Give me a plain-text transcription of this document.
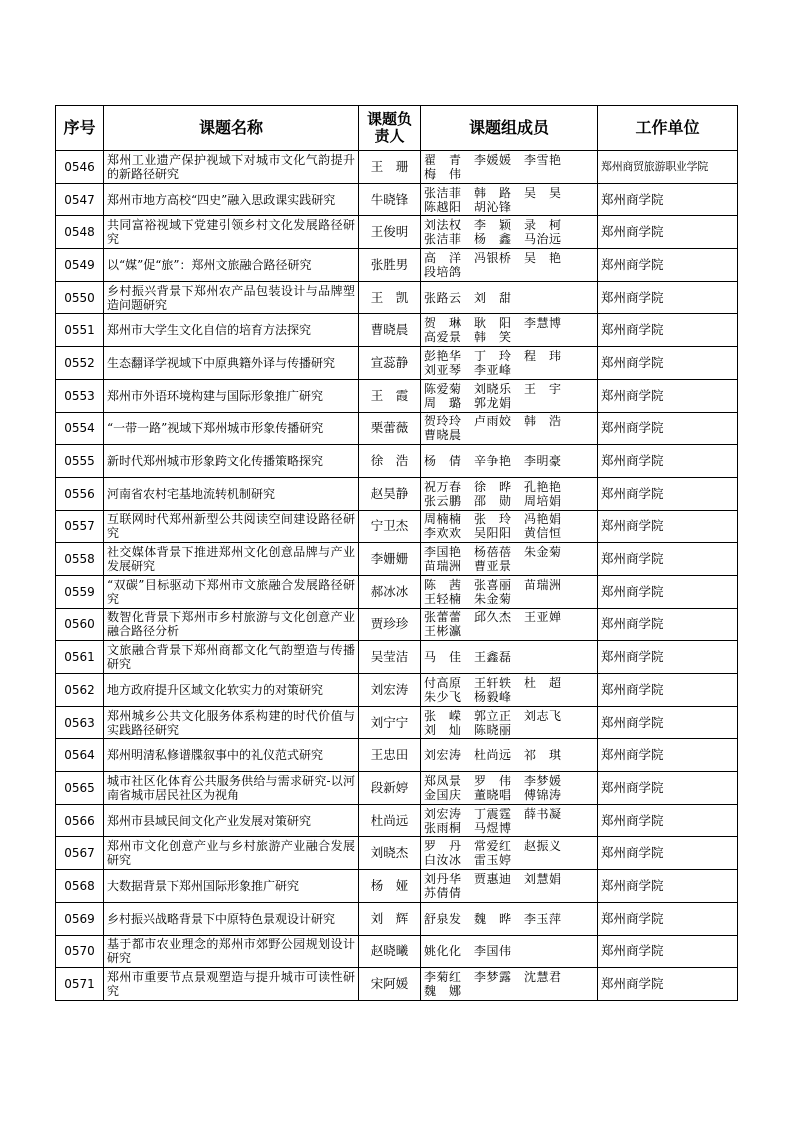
序号	课题名称	课题负责人	课题组成员	工作单位
0546	郑州工业遗产保护视域下对城市文化气韵提升的新路径研究	王　珊	翟　青　李媛媛　李雪艳
梅　伟	郑州商贸旅游职业学院
0547	郑州市地方高校“四史”融入思政课实践研究	牛晓锋	张洁菲　韩　路　吴　昊
陈越阳　胡沁锋	郑州商学院
0548	共同富裕视域下党建引领乡村文化发展路径研究	王俊明	刘法权　李　颖　录　柯
张洁菲　杨　鑫　马治远	郑州商学院
0549	以“媒”促“旅”：郑州文旅融合路径研究	张胜男	高　洋　冯银桥　吴　艳
段培鸽	郑州商学院
0550	乡村振兴背景下郑州农产品包装设计与品牌塑造问题研究	王　凯	张路云　刘　甜	郑州商学院
0551	郑州市大学生文化自信的培育方法探究	曹晓晨	贺　琳　耿　阳　李慧博
高爱景　韩　笑	郑州商学院
0552	生态翻译学视域下中原典籍外译与传播研究	宣蕊静	彭艳华　丁　玲　程　玮
刘亚琴　李亚峰	郑州商学院
0553	郑州市外语环境构建与国际形象推广研究	王　霞	陈爱菊　刘晓乐　王　宇
周　璐　郭龙娟	郑州商学院
0554	“一带一路”视域下郑州城市形象传播研究	栗蕾薇	贺玲玲　卢雨姣　韩　浩
曹晓晨	郑州商学院
0555	新时代郑州城市形象跨文化传播策略探究	徐　浩	杨　倩　辛争艳　李明豪	郑州商学院
0556	河南省农村宅基地流转机制研究	赵昊静	祝万春　徐　晔　孔艳艳
张云鹏　邵　勋　周培娟	郑州商学院
0557	互联网时代郑州新型公共阅读空间建设路径研究	宁卫杰	周楠楠　张　玲　冯艳娟
李欢欢　吴阳阳　黄信恒	郑州商学院
0558	社交媒体背景下推进郑州文化创意品牌与产业发展研究	李姗姗	李国艳　杨蓓蓓　朱金菊
苗瑞洲　曹亚景	郑州商学院
0559	“双碳”目标驱动下郑州市文旅融合发展路径研究	郝冰冰	陈　茜　张喜丽　苗瑞洲
王轻楠　朱金菊	郑州商学院
0560	数智化背景下郑州市乡村旅游与文化创意产业融合路径分析	贾珍珍	张蕾蕾　邱久杰　王亚婵
王彬瀛	郑州商学院
0561	文旅融合背景下郑州商都文化气韵塑造与传播研究	吴莹洁	马　佳　王鑫磊	郑州商学院
0562	地方政府提升区域文化软实力的对策研究	刘宏涛	付高原　王轩轶　杜　超
朱少飞　杨毅峰	郑州商学院
0563	郑州城乡公共文化服务体系构建的时代价值与实践路径研究	刘宁宁	张　嵘　郭立正　刘志飞
刘　灿　陈晓丽	郑州商学院
0564	郑州明清私修谱牒叙事中的礼仪范式研究	王忠田	刘宏涛　杜尚远　祁　琪	郑州商学院
0565	城市社区化体育公共服务供给与需求研究-以河南省城市居民社区为视角	段新婷	郑凤景　罗　伟　李梦媛
金国庆　董晓唱　傅锦涛	郑州商学院
0566	郑州市县域民间文化产业发展对策研究	杜尚远	刘宏涛　丁震霆　薛书凝
张雨桐　马煜博	郑州商学院
0567	郑州市文化创意产业与乡村旅游产业融合发展研究	刘晓杰	罗　丹　常爱红　赵振义
白汝冰　雷玉婷	郑州商学院
0568	大数据背景下郑州国际形象推广研究	杨　娅	刘丹华　贾惠迪　刘慧娟
苏倩倩	郑州商学院
0569	乡村振兴战略背景下中原特色景观设计研究	刘　辉	舒泉发　魏　晔　李玉萍	郑州商学院
0570	基于都市农业理念的郑州市郊野公园规划设计研究	赵晓曦	姚化化　李国伟	郑州商学院
0571	郑州市重要节点景观塑造与提升城市可读性研究	宋阿媛	李菊红　李梦露　沈慧君
魏　娜	郑州商学院
